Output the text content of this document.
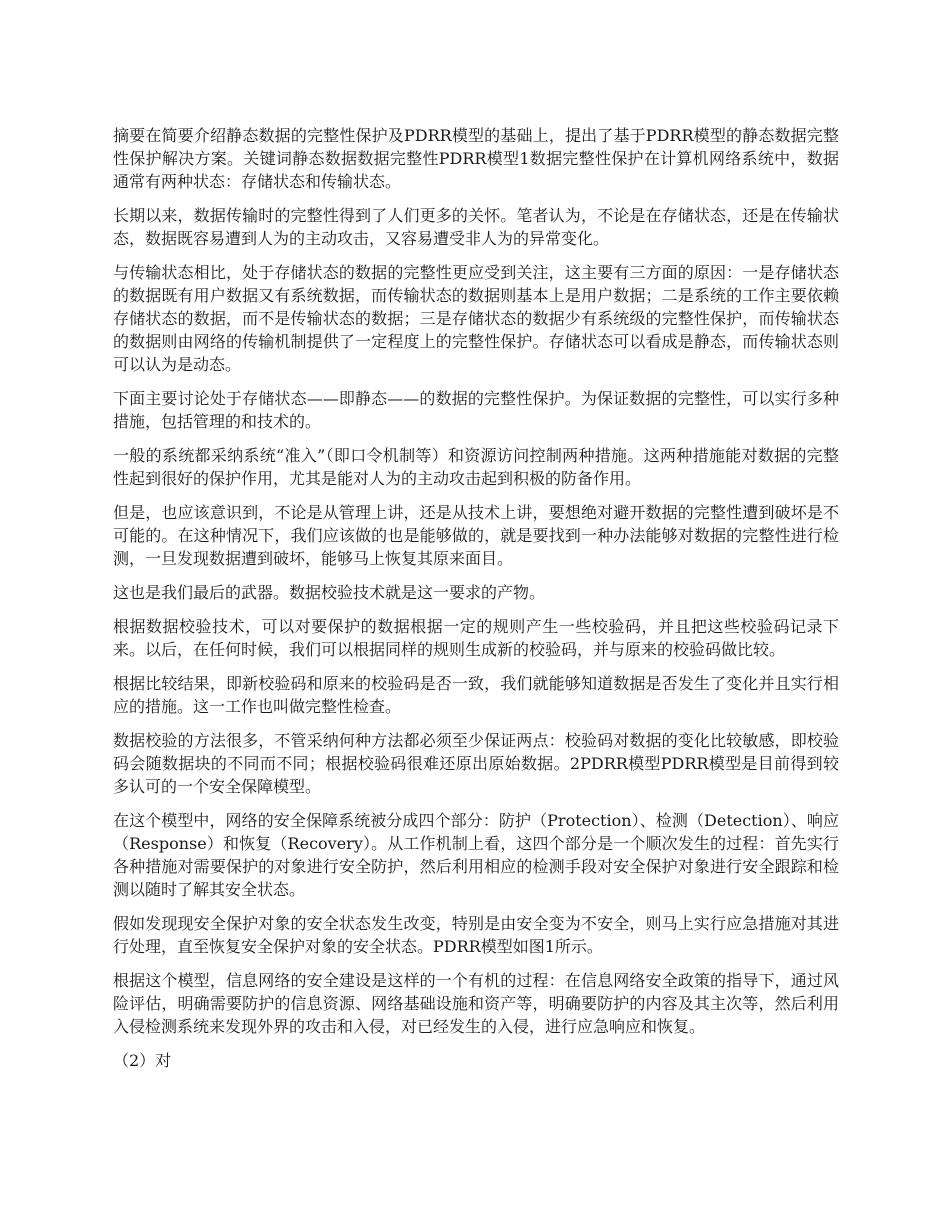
摘要在简要介绍静态数据的完整性保护及PDRR模型的基础上，提出了基于PDRR模型的静态数据完整性保护解决方案。关键词静态数据数据完整性PDRR模型1数据完整性保护在计算机网络系统中，数据通常有两种状态：存储状态和传输状态。

长期以来，数据传输时的完整性得到了人们更多的关怀。笔者认为，不论是在存储状态，还是在传输状态，数据既容易遭到人为的主动攻击，又容易遭受非人为的异常变化。

与传输状态相比，处于存储状态的数据的完整性更应受到关注，这主要有三方面的原因：一是存储状态的数据既有用户数据又有系统数据，而传输状态的数据则基本上是用户数据；二是系统的工作主要依赖存储状态的数据，而不是传输状态的数据；三是存储状态的数据少有系统级的完整性保护，而传输状态的数据则由网络的传输机制提供了一定程度上的完整性保护。存储状态可以看成是静态，而传输状态则可以认为是动态。

下面主要讨论处于存储状态——即静态——的数据的完整性保护。为保证数据的完整性，可以实行多种措施，包括管理的和技术的。

一般的系统都采纳系统“准入”（即口令机制等）和资源访问控制两种措施。这两种措施能对数据的完整性起到很好的保护作用，尤其是能对人为的主动攻击起到积极的防备作用。

但是，也应该意识到，不论是从管理上讲，还是从技术上讲，要想绝对避开数据的完整性遭到破坏是不可能的。在这种情况下，我们应该做的也是能够做的，就是要找到一种办法能够对数据的完整性进行检测，一旦发现数据遭到破坏，能够马上恢复其原来面目。

这也是我们最后的武器。数据校验技术就是这一要求的产物。

根据数据校验技术，可以对要保护的数据根据一定的规则产生一些校验码，并且把这些校验码记录下来。以后，在任何时候，我们可以根据同样的规则生成新的校验码，并与原来的校验码做比较。

根据比较结果，即新校验码和原来的校验码是否一致，我们就能够知道数据是否发生了变化并且实行相应的措施。这一工作也叫做完整性检查。

数据校验的方法很多，不管采纳何种方法都必须至少保证两点：校验码对数据的变化比较敏感，即校验码会随数据块的不同而不同；根据校验码很难还原出原始数据。2PDRR模型PDRR模型是目前得到较多认可的一个安全保障模型。

在这个模型中，网络的安全保障系统被分成四个部分：防护（Protection）、检测（Detection）、响应（Response）和恢复（Recovery）。从工作机制上看，这四个部分是一个顺次发生的过程：首先实行各种措施对需要保护的对象进行安全防护，然后利用相应的检测手段对安全保护对象进行安全跟踪和检测以随时了解其安全状态。

假如发现现安全保护对象的安全状态发生改变，特别是由安全变为不安全，则马上实行应急措施对其进行处理，直至恢复安全保护对象的安全状态。PDRR模型如图1所示。

根据这个模型，信息网络的安全建设是这样的一个有机的过程：在信息网络安全政策的指导下，通过风险评估，明确需要防护的信息资源、网络基础设施和资产等，明确要防护的内容及其主次等，然后利用入侵检测系统来发现外界的攻击和入侵，对已经发生的入侵，进行应急响应和恢复。

（2）对
